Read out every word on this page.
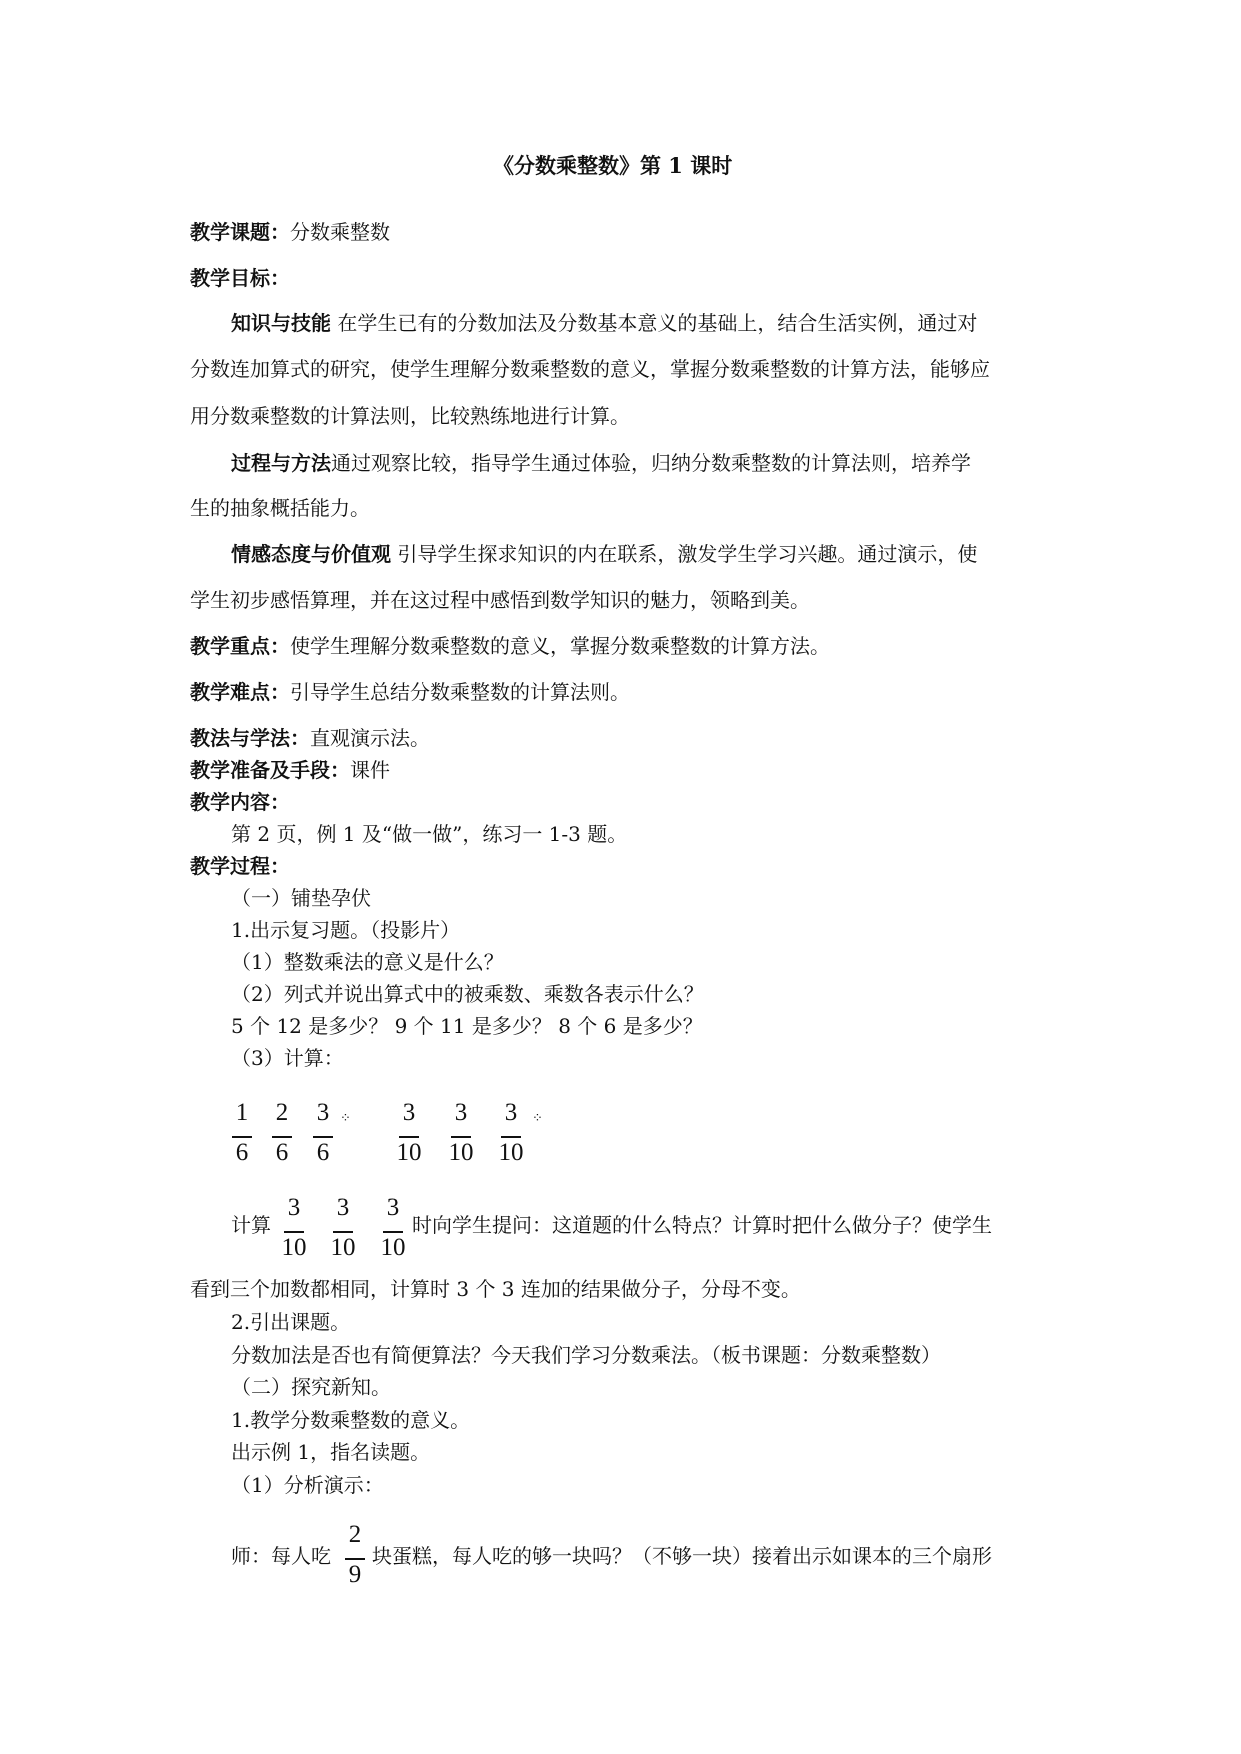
《分数乘整数》第 1 课时
教学课题：分数乘整数
教学目标：
知识与技能 在学生已有的分数加法及分数基本意义的基础上，结合生活实例，通过对
分数连加算式的研究，使学生理解分数乘整数的意义，掌握分数乘整数的计算方法，能够应
用分数乘整数的计算法则，比较熟练地进行计算。
过程与方法通过观察比较，指导学生通过体验，归纳分数乘整数的计算法则，培养学
生的抽象概括能力。
情感态度与价值观 引导学生探求知识的内在联系，激发学生学习兴趣。通过演示，使
学生初步感悟算理，并在这过程中感悟到数学知识的魅力，领略到美。
教学重点：使学生理解分数乘整数的意义，掌握分数乘整数的计算方法。
教学难点：引导学生总结分数乘整数的计算法则。
教法与学法：直观演示法。
教学准备及手段：课件
教学内容：
第 2 页，例 1 及“做一做”，练习一 1-3 题。
教学过程：
（一）铺垫孕伏
1.出示复习题。（投影片）
（1）整数乘法的意义是什么？
（2）列式并说出算式中的被乘数、乘数各表示什么？
5 个 12 是多少？ 9 个 11 是多少？ 8 个 6 是多少？
（3）计算：
1
6
2
6
3
6
⁘	3
10
3
10
3
10
⁘
计算
3
10
3
10
3
10
时向学生提问：这道题的什么特点？计算时把什么做分子？使学生
看到三个加数都相同，计算时 3 个 3 连加的结果做分子，分母不变。
2.引出课题。
分数加法是否也有简便算法？今天我们学习分数乘法。（板书课题：分数乘整数）
（二）探究新知。
1.教学分数乘整数的意义。
出示例 1，指名读题。
（1）分析演示：
师：每人吃
2
9
块蛋糕，每人吃的够一块吗？（不够一块）接着出示如课本的三个扇形
